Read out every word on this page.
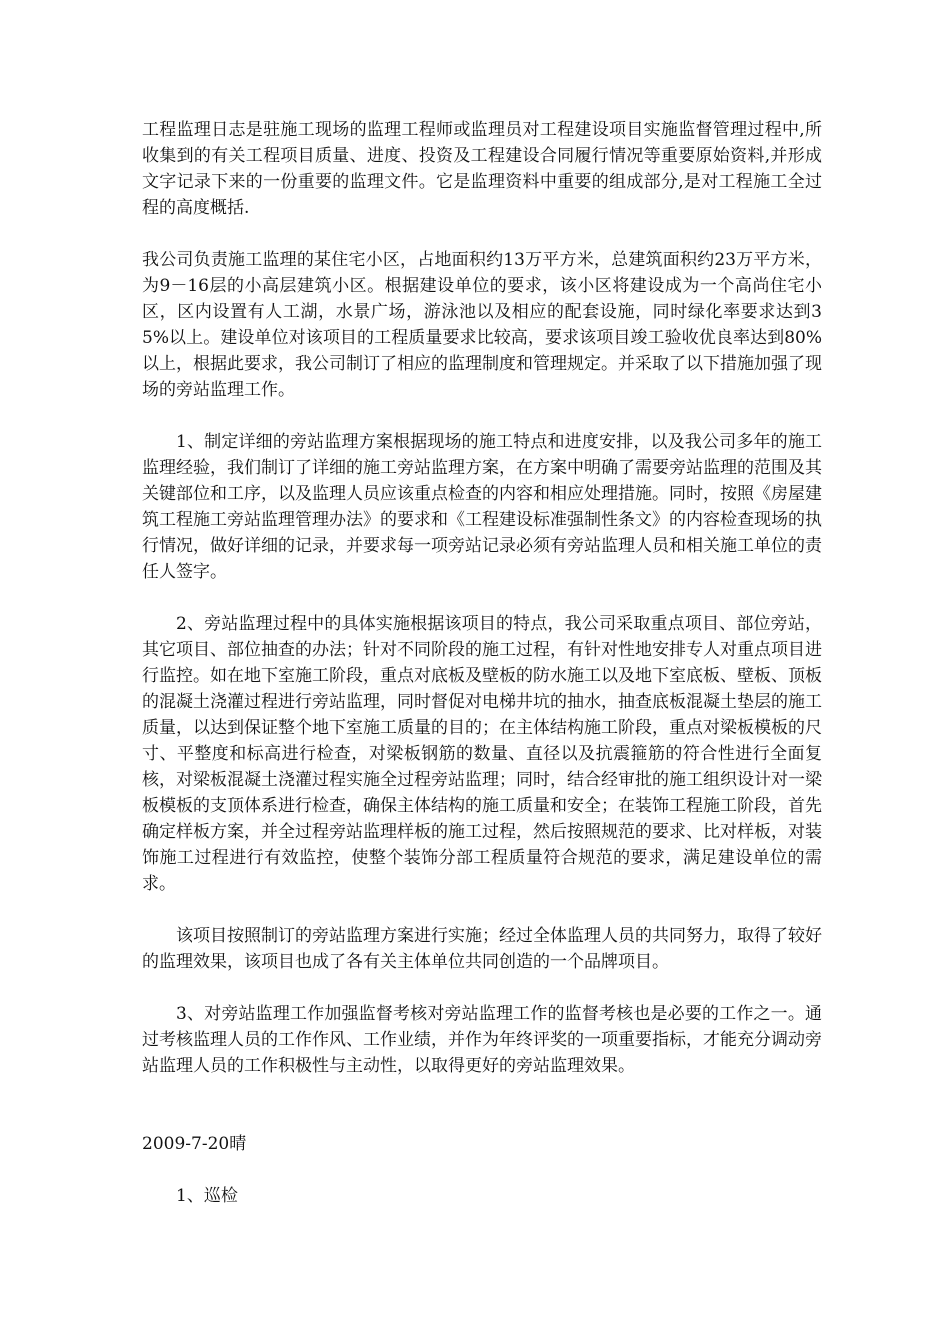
工程监理日志是驻施工现场的监理工程师或监理员对工程建设项目实施监督管理过程中,所收集到的有关工程项目质量、进度、投资及工程建设合同履行情况等重要原始资料,并形成文字记录下来的一份重要的监理文件。它是监理资料中重要的组成部分,是对工程施工全过程的高度概括.

我公司负责施工监理的某住宅小区，占地面积约13万平方米，总建筑面积约23万平方米，为9－16层的小高层建筑小区。根据建设单位的要求，该小区将建设成为一个高尚住宅小区，区内设置有人工湖，水景广场，游泳池以及相应的配套设施，同时绿化率要求达到35%以上。建设单位对该项目的工程质量要求比较高，要求该项目竣工验收优良率达到80%以上，根据此要求，我公司制订了相应的监理制度和管理规定。并采取了以下措施加强了现场的旁站监理工作。

1、制定详细的旁站监理方案根据现场的施工特点和进度安排，以及我公司多年的施工监理经验，我们制订了详细的施工旁站监理方案，在方案中明确了需要旁站监理的范围及其关键部位和工序，以及监理人员应该重点检查的内容和相应处理措施。同时，按照《房屋建筑工程施工旁站监理管理办法》的要求和《工程建设标准强制性条文》的内容检查现场的执行情况，做好详细的记录，并要求每一项旁站记录必须有旁站监理人员和相关施工单位的责任人签字。

2、旁站监理过程中的具体实施根据该项目的特点，我公司采取重点项目、部位旁站，其它项目、部位抽查的办法；针对不同阶段的施工过程，有针对性地安排专人对重点项目进行监控。如在地下室施工阶段，重点对底板及壁板的防水施工以及地下室底板、壁板、顶板的混凝土浇灌过程进行旁站监理，同时督促对电梯井坑的抽水，抽查底板混凝土垫层的施工质量，以达到保证整个地下室施工质量的目的；在主体结构施工阶段，重点对梁板模板的尺寸、平整度和标高进行检查，对梁板钢筋的数量、直径以及抗震箍筋的符合性进行全面复核，对梁板混凝土浇灌过程实施全过程旁站监理；同时，结合经审批的施工组织设计对一梁板模板的支顶体系进行检查，确保主体结构的施工质量和安全；在装饰工程施工阶段，首先确定样板方案，并全过程旁站监理样板的施工过程，然后按照规范的要求、比对样板，对装饰施工过程进行有效监控，使整个装饰分部工程质量符合规范的要求，满足建设单位的需求。

该项目按照制订的旁站监理方案进行实施；经过全体监理人员的共同努力，取得了较好的监理效果，该项目也成了各有关主体单位共同创造的一个品牌项目。

3、对旁站监理工作加强监督考核对旁站监理工作的监督考核也是必要的工作之一。通过考核监理人员的工作作风、工作业绩，并作为年终评奖的一项重要指标，才能充分调动旁站监理人员的工作积极性与主动性，以取得更好的旁站监理效果。

2009-7-20晴

1、巡检
